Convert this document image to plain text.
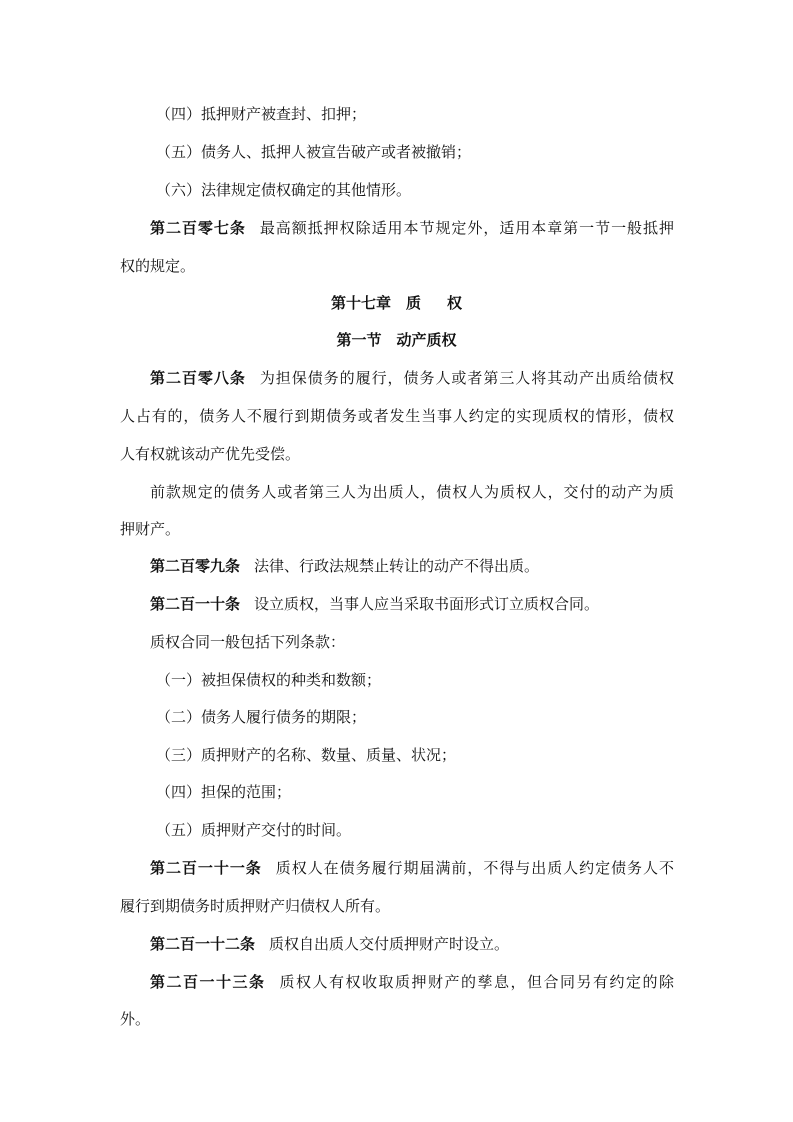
（四）抵押财产被查封、扣押；
（五）债务人、抵押人被宣告破产或者被撤销；
（六）法律规定债权确定的其他情形。
第二百零七条 最高额抵押权除适用本节规定外，适用本章第一节一般抵押
权的规定。
第十七章　质 权
第一节　动产质权
第二百零八条 为担保债务的履行，债务人或者第三人将其动产出质给债权
人占有的，债务人不履行到期债务或者发生当事人约定的实现质权的情形，债权
人有权就该动产优先受偿。
前款规定的债务人或者第三人为出质人，债权人为质权人，交付的动产为质
押财产。
第二百零九条 法律、行政法规禁止转让的动产不得出质。
第二百一十条 设立质权，当事人应当采取书面形式订立质权合同。
质权合同一般包括下列条款：
（一）被担保债权的种类和数额；
（二）债务人履行债务的期限；
（三）质押财产的名称、数量、质量、状况；
（四）担保的范围；
（五）质押财产交付的时间。
第二百一十一条 质权人在债务履行期届满前，不得与出质人约定债务人不
履行到期债务时质押财产归债权人所有。
第二百一十二条 质权自出质人交付质押财产时设立。
第二百一十三条 质权人有权收取质押财产的孳息，但合同另有约定的除
外。
